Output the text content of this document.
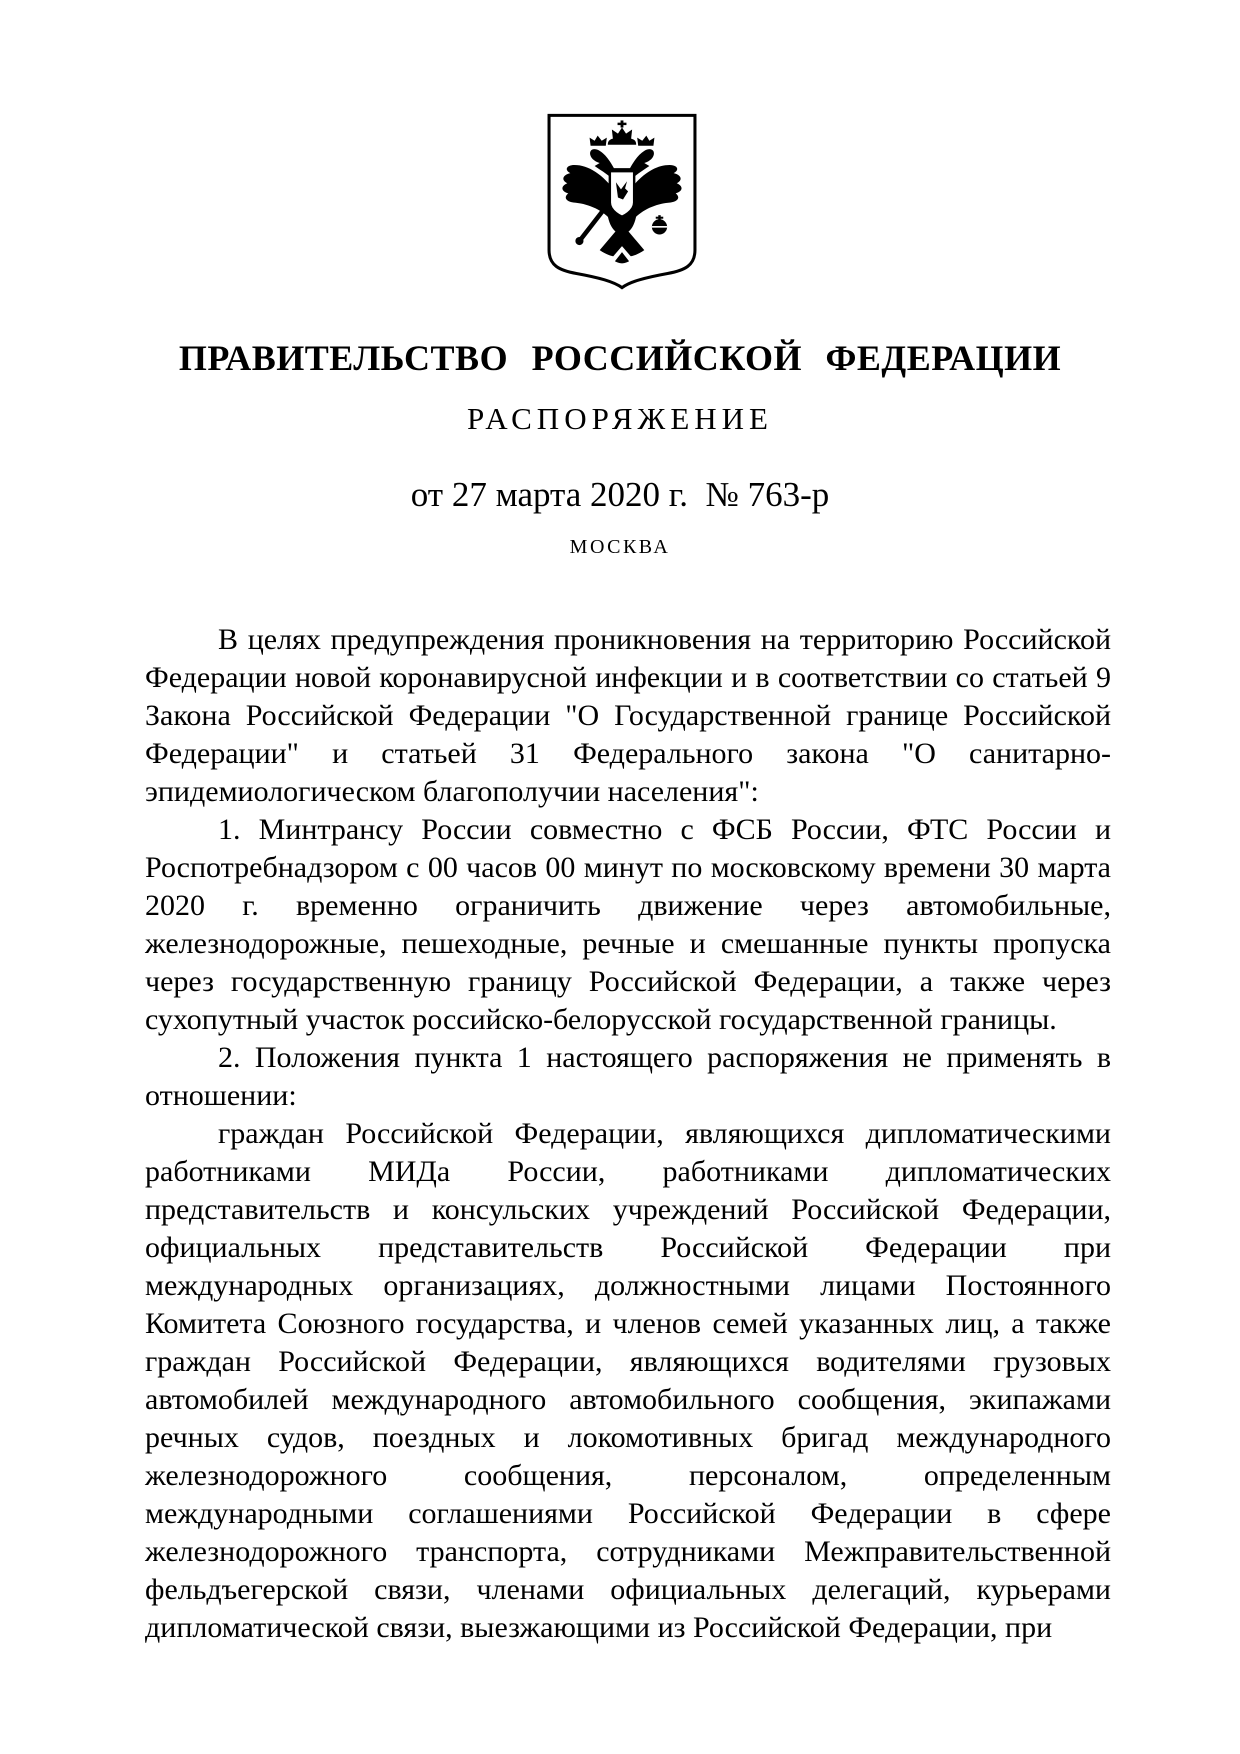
ПРАВИТЕЛЬСТВО РОССИЙСКОЙ ФЕДЕРАЦИИ
РАСПОРЯЖЕНИЕ
от 27 марта 2020 г.  № 763-р
МОСКВА

В целях предупреждения проникновения на территорию Российской Федерации новой коронавирусной инфекции и в соответствии со статьей 9 Закона Российской Федерации "О Государственной границе Российской Федерации" и статьей 31 Федерального закона "О санитарно-эпидемиологическом благополучии населения":

1. Минтрансу России совместно с ФСБ России, ФТС России и Роспотребнадзором с 00 часов 00 минут по московскому времени 30 марта 2020 г. временно ограничить движение через автомобильные, железнодорожные, пешеходные, речные и смешанные пункты пропуска через государственную границу Российской Федерации, а также через сухопутный участок российско-белорусской государственной границы.

2. Положения пункта 1 настоящего распоряжения не применять в отношении:

граждан Российской Федерации, являющихся дипломатическими работниками МИДа России, работниками дипломатических представительств и консульских учреждений Российской Федерации, официальных представительств Российской Федерации при международных организациях, должностными лицами Постоянного Комитета Союзного государства, и членов семей указанных лиц, а также граждан Российской Федерации, являющихся водителями грузовых автомобилей международного автомобильного сообщения, экипажами речных судов, поездных и локомотивных бригад международного железнодорожного сообщения, персоналом, определенным международными соглашениями Российской Федерации в сфере железнодорожного транспорта, сотрудниками Межправительственной фельдъегерской связи, членами официальных делегаций, курьерами дипломатической связи, выезжающими из Российской Федерации, при
